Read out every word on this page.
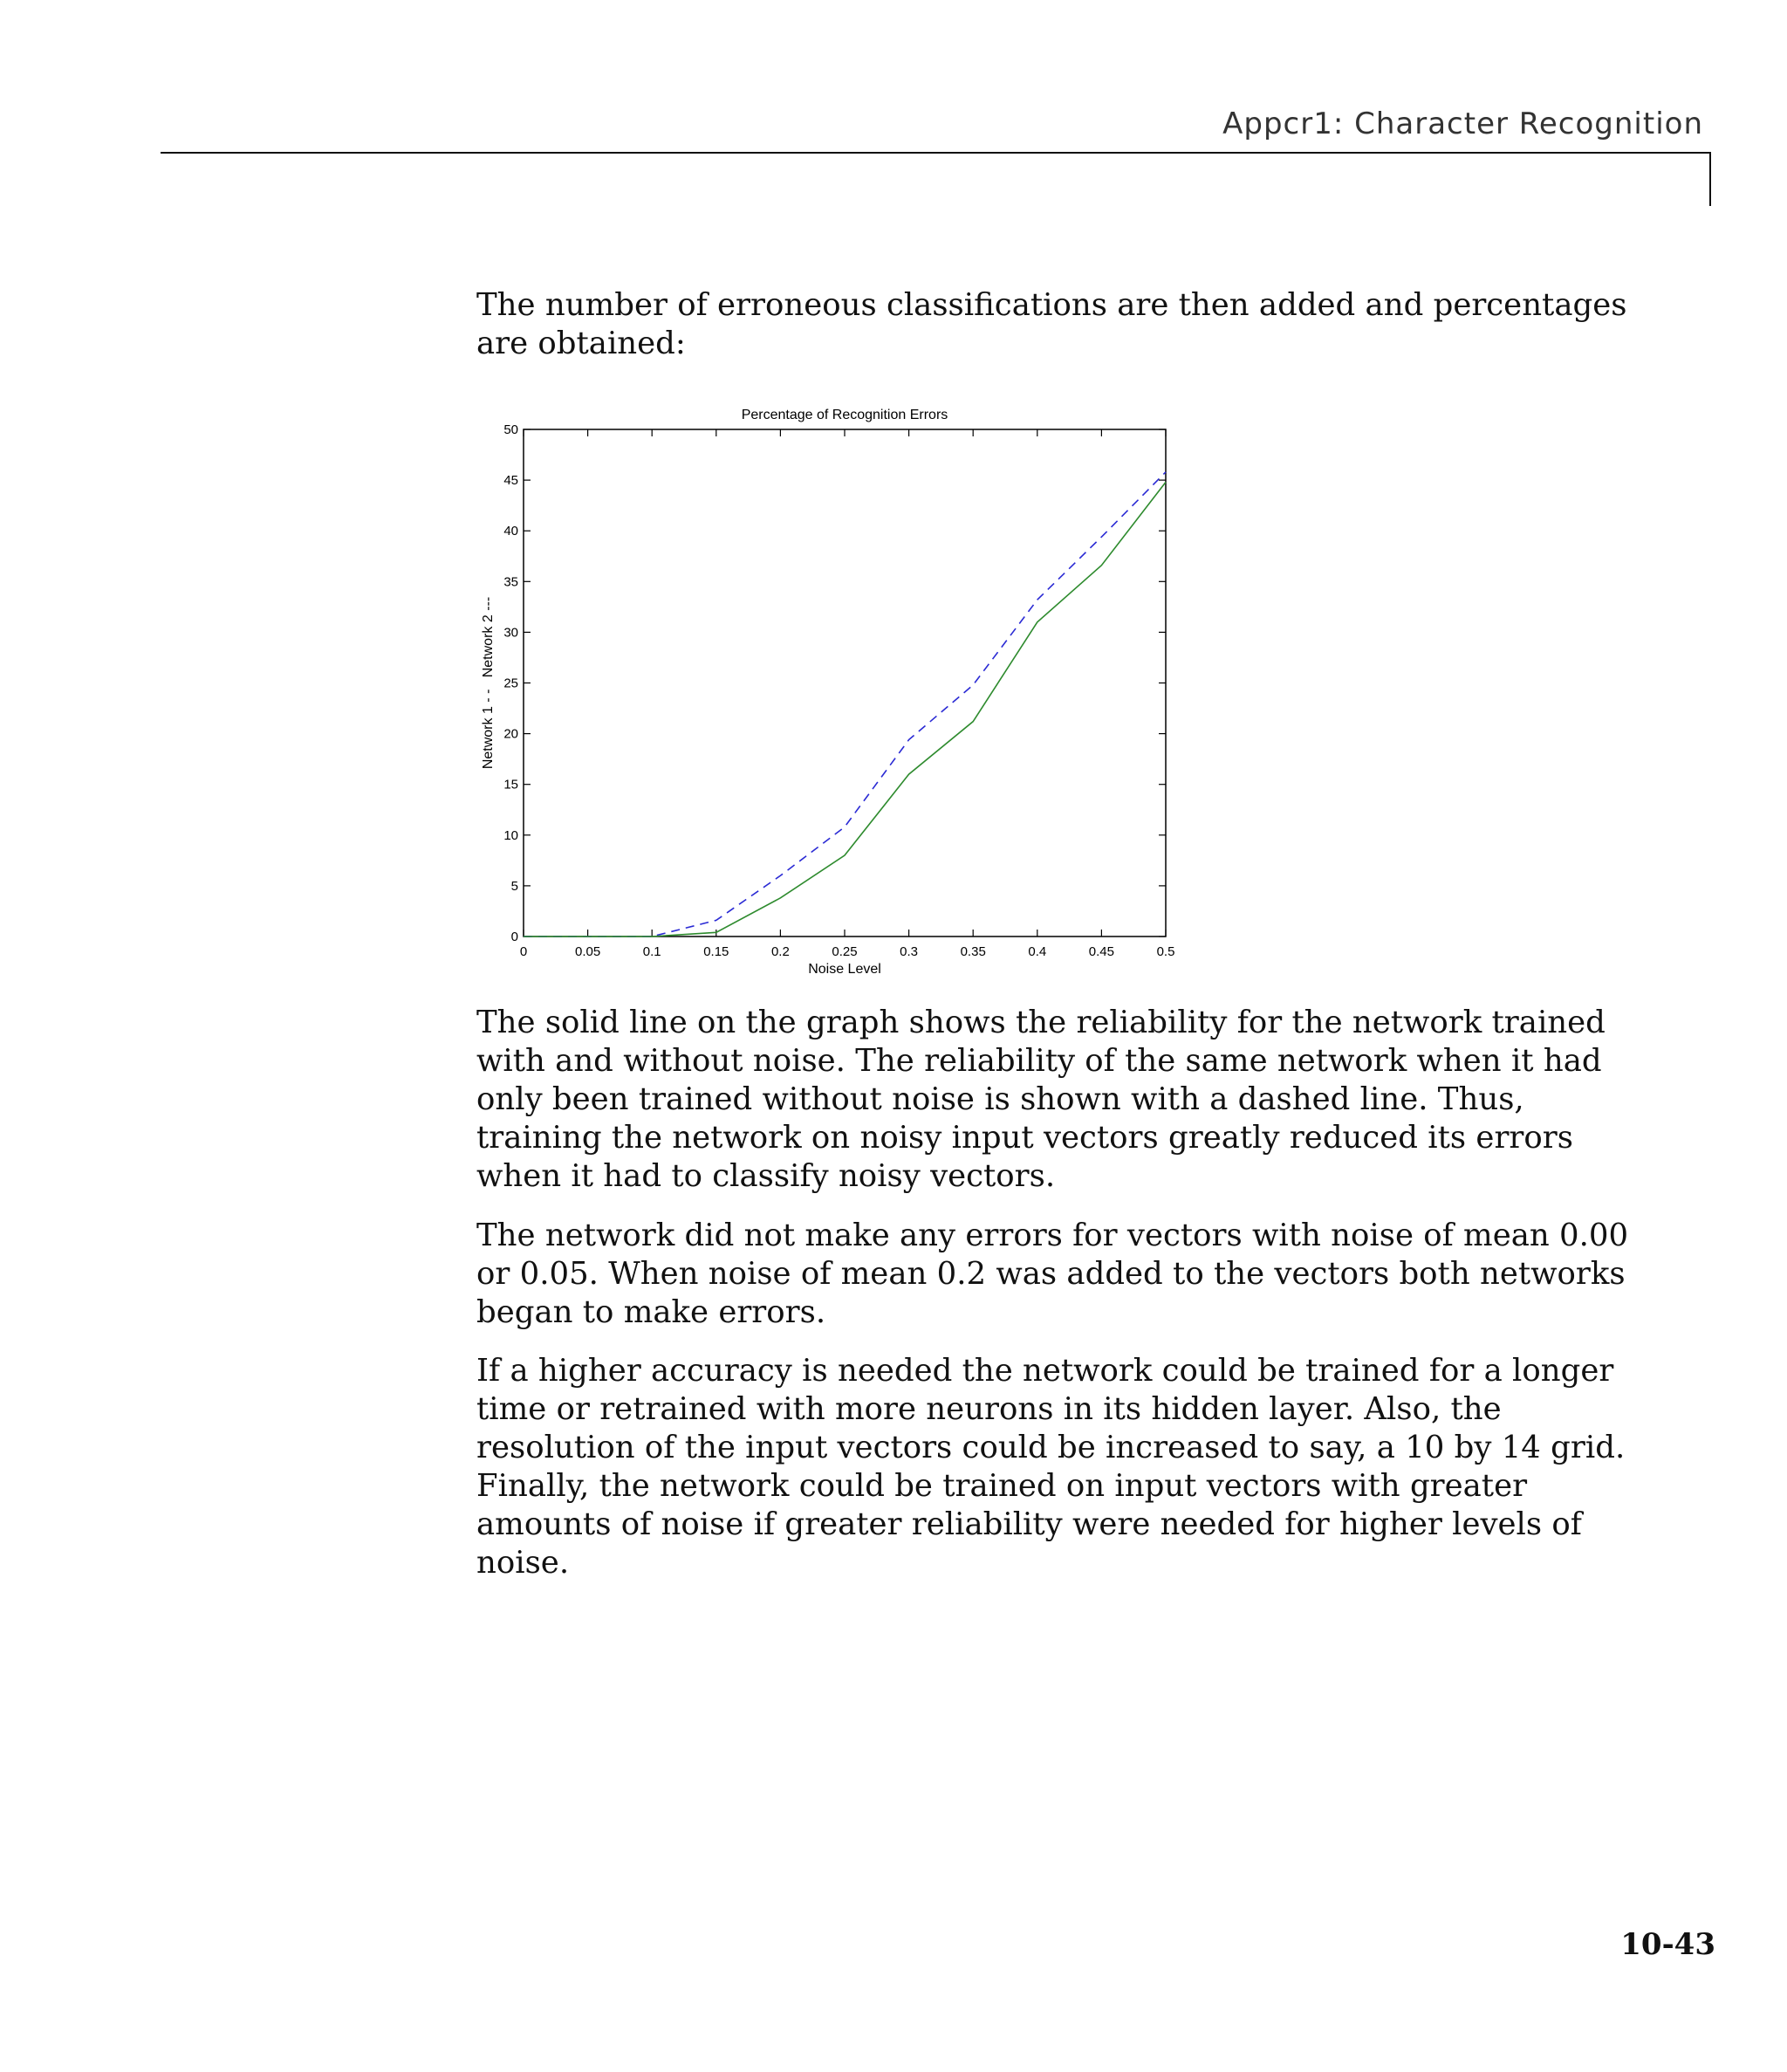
Appcr1: Character Recognition

The number of erroneous classifications are then added and percentages are obtained:

0	0.05	0.1	0.15	0.2	0.25	0.3	0.35	0.4	0.45	0.5
0
5
10
15
20
25
30
35
40
45
50
Percentage of Recognition Errors
Noise Level
Network 1 - -   Network 2 ---

The solid line on the graph shows the reliability for the network trained with and without noise. The reliability of the same network when it had only been trained without noise is shown with a dashed line. Thus, training the network on noisy input vectors greatly reduced its errors when it had to classify noisy vectors.

The network did not make any errors for vectors with noise of mean 0.00 or 0.05. When noise of mean 0.2 was added to the vectors both networks began to make errors.

If a higher accuracy is needed the network could be trained for a longer time or retrained with more neurons in its hidden layer. Also, the resolution of the input vectors could be increased to say, a 10 by 14 grid. Finally, the network could be trained on input vectors with greater amounts of noise if greater reliability were needed for higher levels of noise.

10-43
